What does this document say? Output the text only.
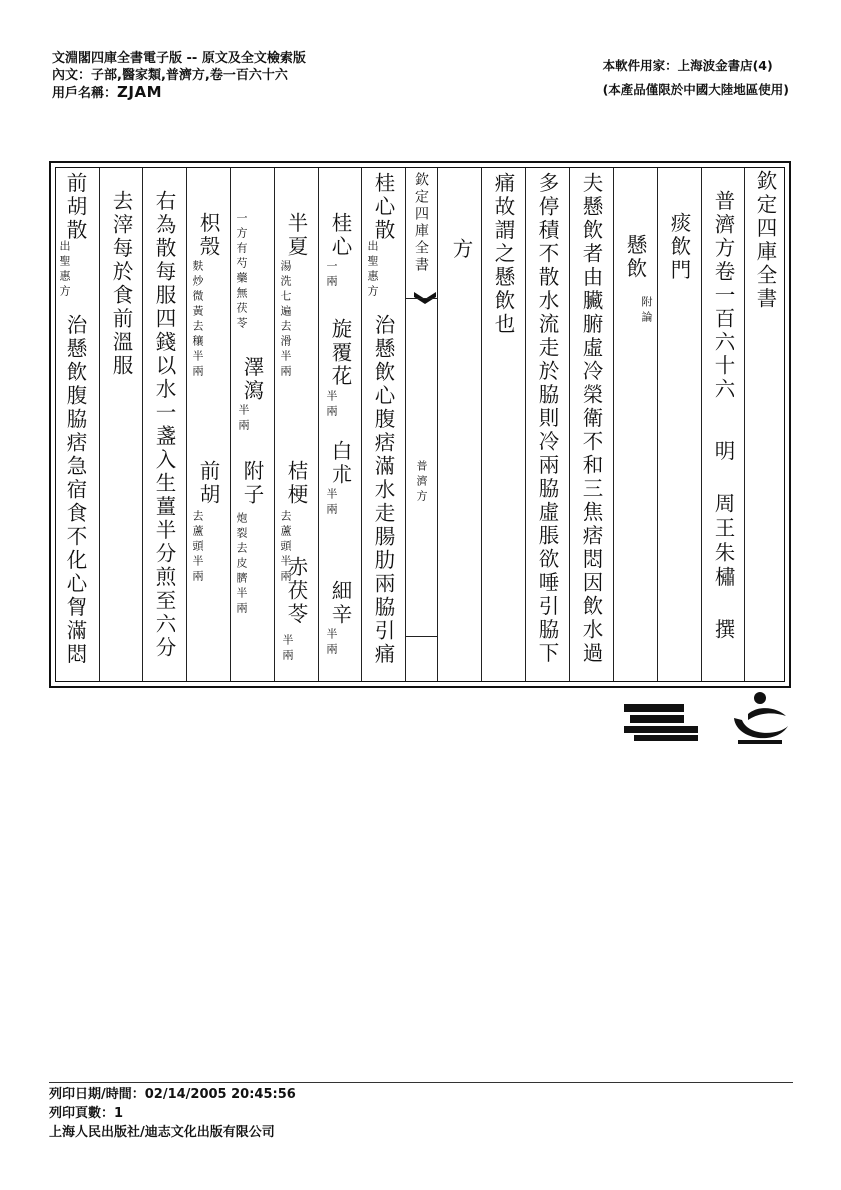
文淵閣四庫全書電子版 -- 原文及全文檢索版
內文：子部,醫家類,普濟方,卷一百六十六
用戶名稱：ZJAM
本軟件用家：上海波金書店(4)
(本產品僅限於中國大陸地區使用)
前胡散
出聖惠方
治懸飲腹脇痞急宿食不化心胷滿悶
去滓每於食前溫服 右為散每服四錢以水一盞入生薑半分煎至六分 枳殼
麩炒微黃去穰半兩
前胡
去蘆頭半兩
一方有芍藥無茯苓
澤瀉
半兩
附子
炮裂去皮臍半兩
半夏
湯洗七遍去滑半兩
桔梗
去蘆頭半兩
赤茯苓
半兩
桂心
一兩
旋覆花
半兩
白朮
半兩
細辛
半兩
桂心散
出聖惠方
治懸飲心腹痞滿水走腸肋兩脇引痛
欽定四庫全書
普濟方
方 痛故謂之懸飲也 多停積不散水流走於脇則冷兩脇虛脹欲唾引脇下 夫懸飲者由臟腑虛冷榮衛不和三焦痞悶因飲水過 懸飲
附論
痰飲門 普濟方卷一百六十六
明 周王朱橚 撰
欽定四庫全書
列印日期/時間：02/14/2005 20:45:56
列印頁數：1
上海人民出版社/迪志文化出版有限公司
